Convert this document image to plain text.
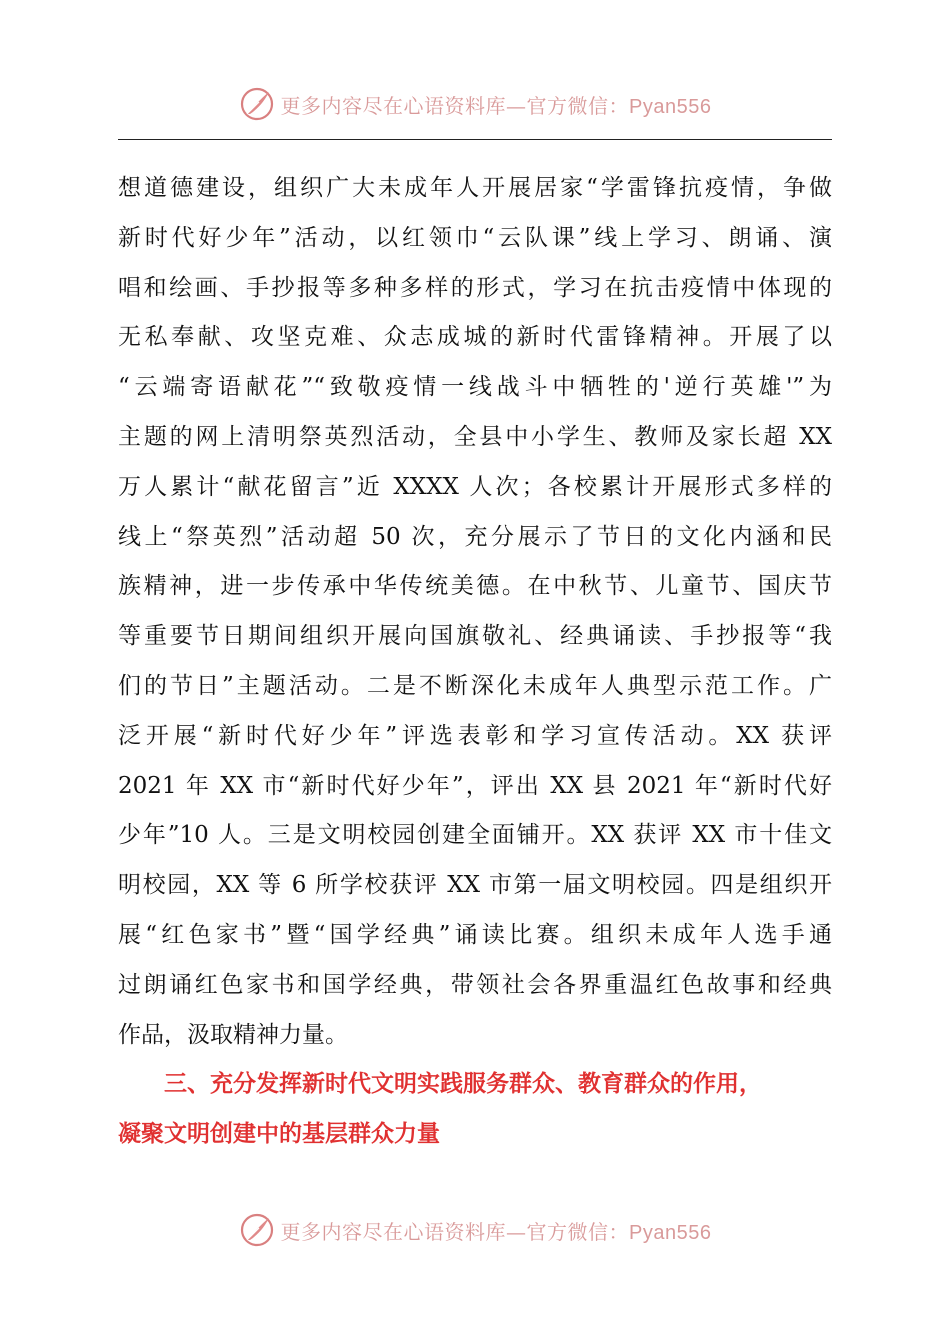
更多内容尽在心语资料库—官方微信：Pyan556
想道德建设，组织广大未成年人开展居家“学雷锋抗疫情，争做
新时代好少年”活动，以红领巾“云队课”线上学习、朗诵、演
唱和绘画、手抄报等多种多样的形式，学习在抗击疫情中体现的
无私奉献、攻坚克难、众志成城的新时代雷锋精神。开展了以
“云端寄语献花”“致敬疫情一线战斗中牺牲的'逆行英雄'”为
主题的网上清明祭英烈活动，全县中小学生、教师及家长超 XX
万人累计“献花留言”近 XXXX 人次；各校累计开展形式多样的
线上“祭英烈”活动超 50 次，充分展示了节日的文化内涵和民
族精神，进一步传承中华传统美德。在中秋节、儿童节、国庆节
等重要节日期间组织开展向国旗敬礼、经典诵读、手抄报等“我
们的节日”主题活动。二是不断深化未成年人典型示范工作。广
泛开展“新时代好少年”评选表彰和学习宣传活动。XX 获评
2021 年 XX 市“新时代好少年”，评出 XX 县 2021 年“新时代好
少年”10 人。三是文明校园创建全面铺开。XX 获评 XX 市十佳文
明校园，XX 等 6 所学校获评 XX 市第一届文明校园。四是组织开
展“红色家书”暨“国学经典”诵读比赛。组织未成年人选手通
过朗诵红色家书和国学经典，带领社会各界重温红色故事和经典
作品，汲取精神力量。
三、充分发挥新时代文明实践服务群众、教育群众的作用，
凝聚文明创建中的基层群众力量
更多内容尽在心语资料库—官方微信：Pyan556
